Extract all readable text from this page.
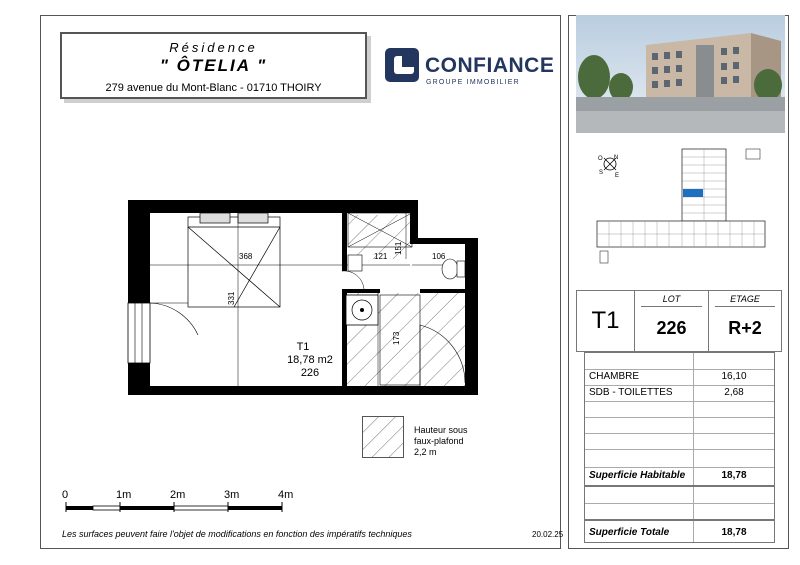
Résidence
" ÔTELIA "
279 avenue du Mont-Blanc - 01710 THOIRY
CONFIANCE
GROUPE IMMOBILIER
N
S E
O
T1
LOT
226
ETAGE
R+2
CHAMBRE	16,10
SDB - TOILETTES	2,68
Superficie Habitable	18,78
Superficie Totale	18,78
368
331
121
151
106
173
T1
18,78 m2
226
Hauteur sous
faux-plafond
2,2 m
0	1m	2m	3m	4m
Les surfaces peuvent faire l'objet de modifications en fonction des impératifs techniques	20.02.25
